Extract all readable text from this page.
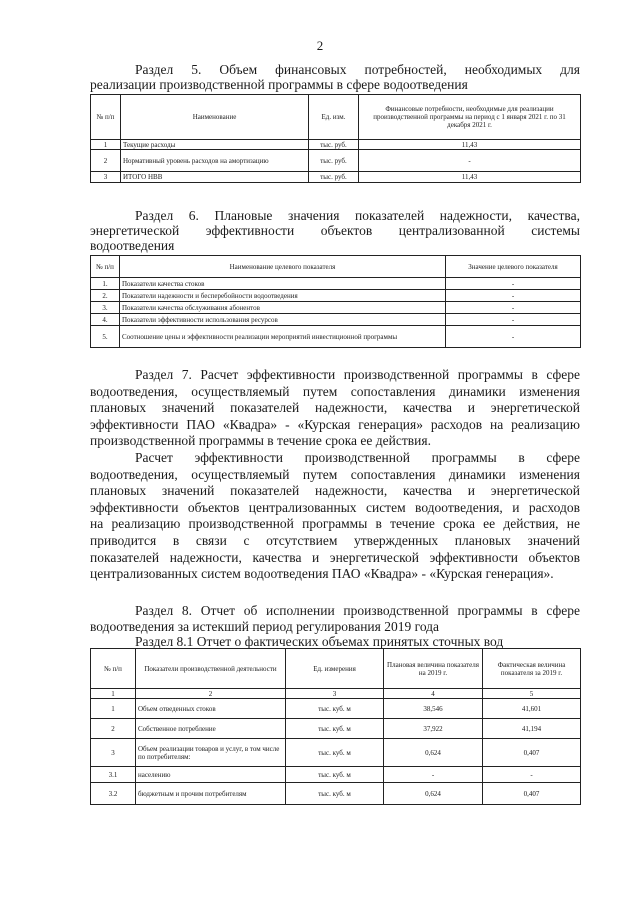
2
Раздел 5. Объем финансовых потребностей, необходимых для
реализации производственной программы в сфере водоотведения
№ п/п	Наименование	Ед. изм.	Финансовые потребности, необходимые для реализации производственной программы на период с 1 января 2021 г. по 31 декабря 2021 г.
1	Текущие расходы	тыс. руб.	11,43
2	Нормативный уровень расходов на амортизацию	тыс. руб.	-
3	ИТОГО НВВ	тыс. руб.	11,43
Раздел 6. Плановые значения показателей надежности, качества,
энергетической эффективности объектов централизованной системы
водоотведения
№ п/п	Наименование целевого показателя	Значение целевого показателя
1.	Показатели качества стоков	-
2.	Показатели надежности и бесперебойности водоотведения	-
3.	Показатели качества обслуживания абонентов	-
4.	Показатели эффективности использования ресурсов	-
5.	Соотношение цены и эффективности реализации мероприятий инвестиционной программы	-
Раздел 7. Расчет эффективности производственной программы в сфере
водоотведения, осуществляемый путем сопоставления динамики изменения
плановых значений показателей надежности, качества и энергетической
эффективности ПАО «Квадра» - «Курская генерация» расходов на реализацию
производственной программы в течение срока ее действия.
Расчет эффективности производственной программы в сфере
водоотведения, осуществляемый путем сопоставления динамики изменения
плановых значений показателей надежности, качества и энергетической
эффективности объектов централизованных систем водоотведения, и расходов
на реализацию производственной программы в течение срока ее действия, не
приводится в связи с отсутствием утвержденных плановых значений
показателей надежности, качества и энергетической эффективности объектов
централизованных систем водоотведения ПАО «Квадра» - «Курская генерация».
Раздел 8. Отчет об исполнении производственной программы в сфере
водоотведения за истекший период регулирования 2019 года
Раздел 8.1 Отчет о фактических объемах принятых сточных вод
№ п/п	Показатели производственной деятельности	Ед. измерения	Плановая величина показателя на 2019 г.	Фактическая величина показателя за 2019 г.
1	2	3	4	5
1	Объем отведенных стоков	тыс. куб. м	38,546	41,601
2	Собственное потребление	тыс. куб. м	37,922	41,194
3	Объем реализации товаров и услуг, в том числе по потребителям:	тыс. куб. м	0,624	0,407
3.1	населению	тыс. куб. м	-	-
3.2	бюджетным и прочим потребителям	тыс. куб. м	0,624	0,407
